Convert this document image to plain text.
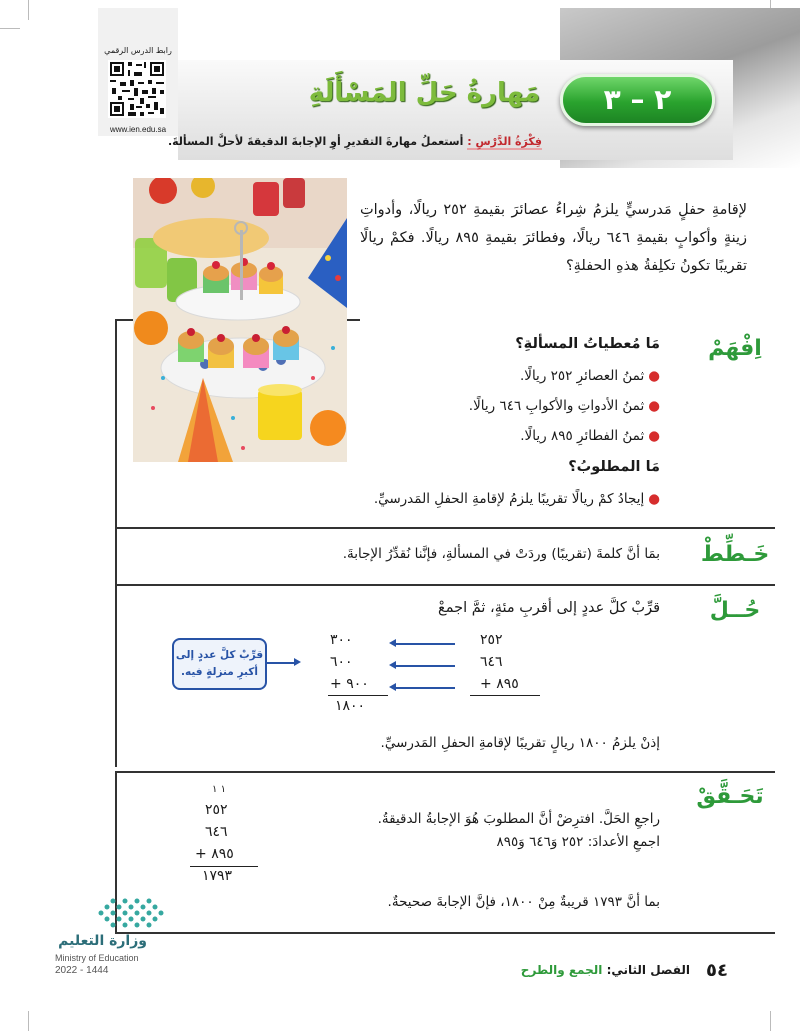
رابط الدرس الرقمي
www.ien.edu.sa
مَهارةُ حَلِّ المَسْأَلَةِ	٢ – ٣
فِكْرَةُ الدَّرْسِ : أستعملُ مهارةَ التقديرِ أوِ الإجابةَ الدقيقةَ لأحلَّ المسألةَ.
لإقامةِ حفلٍ مَدرسيٍّ يلزمُ شِراءُ عصائرَ بقيمةِ ٢٥٢ ريالًا، وأدواتِ زينةٍ وأكوابٍ بقيمةِ ٦٤٦ ريالًا، وفطائرَ بقيمةِ ٨٩٥ ريالًا. فكمْ ريالًا تقريبًا تكونُ تكلِفةُ هذهِ الحفلةِ؟
اِفْهَمْ
مَا مُعطياتُ المسألةِ؟
●ثمنُ العصائرِ ٢٥٢ ريالًا.
●ثمنُ الأدواتِ والأكوابِ ٦٤٦ ريالًا.
●ثمنُ الفطائرِ ٨٩٥ ريالًا.
مَا المطلوبُ؟
●إيجادُ كمْ ريالًا تقريبًا يلزمُ لإقامةِ الحفلِ المَدرسيِّ.
خَـطِّطْ
بمَا أنَّ كلمةَ (تقريبًا) وردَتْ في المسألةِ، فإنَّنا نُقدِّرُ الإجابةَ.
حُــلَّ
قرِّبْ كلَّ عددٍ إلى أقربِ مئةٍ، ثمَّ اجمعْ
٢٥٢
٦٤٦
٨٩٥ +
٣٠٠
٦٠٠
٩٠٠ +
١٨٠٠
قرِّبْ كلَّ عددٍ إلى أكبرِ منزلةٍ فيه.
إذنْ يلزمُ ١٨٠٠ ريالٍ تقريبًا لإقامةِ الحفلِ المَدرسيِّ.
تَحَـقَّقْ
راجعِ الحَلَّ. افترِضْ أنَّ المطلوبَ هُوَ الإجابةُ الدقيقةُ.
اجمعِ الأعدادَ: ٢٥٢ وَ٦٤٦ وَ٨٩٥
١ ١
٢٥٢
٦٤٦
٨٩٥ +
١٧٩٣
بما أنَّ ١٧٩٣ قريبةٌ مِنْ ١٨٠٠، فإنَّ الإجابةَ صحيحةٌ.
وزارة التعليم
Ministry of Education
2022 - 1444	٥٤
الفصل الثاني: الجمع والطرح
